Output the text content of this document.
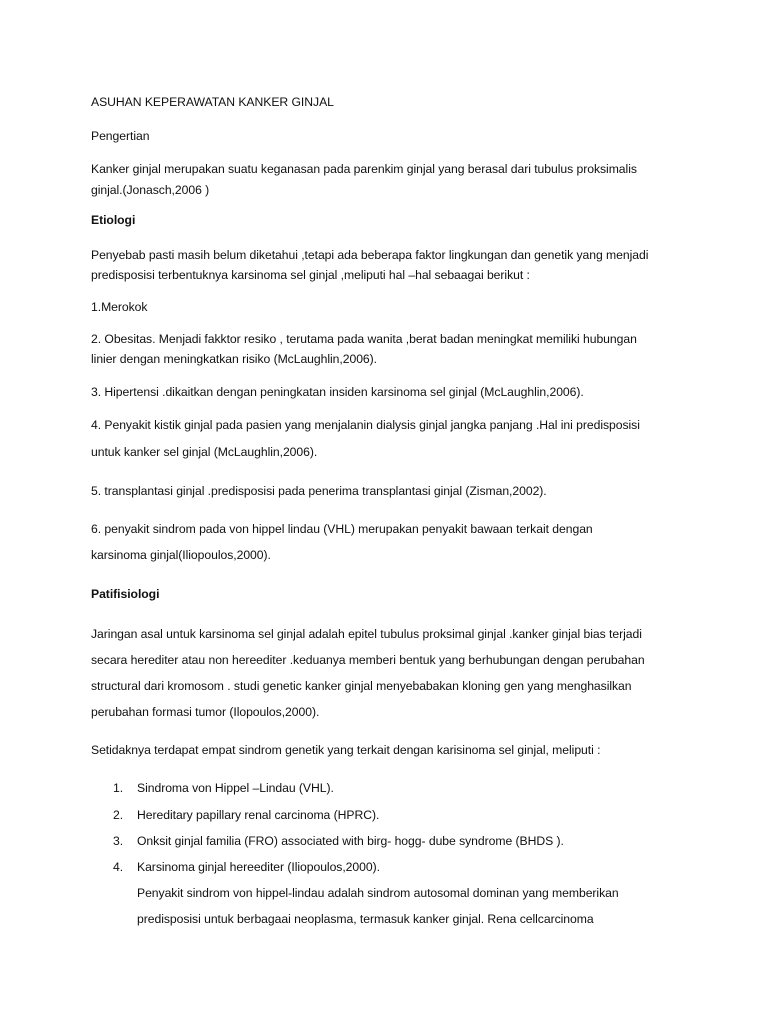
ASUHAN KEPERAWATAN KANKER GINJAL
Pengertian
Kanker ginjal merupakan suatu keganasan pada parenkim ginjal yang berasal dari tubulus proksimalis
ginjal.(Jonasch,2006 )
Etiologi
Penyebab pasti masih belum diketahui ,tetapi ada beberapa faktor lingkungan dan genetik yang menjadi
predisposisi terbentuknya karsinoma sel ginjal ,meliputi hal –hal sebaagai berikut :
1.Merokok
2. Obesitas. Menjadi fakktor resiko , terutama pada wanita ,berat badan meningkat memiliki hubungan
linier dengan meningkatkan risiko (McLaughlin,2006).
3. Hipertensi .dikaitkan dengan peningkatan insiden karsinoma sel ginjal (McLaughlin,2006).
4. Penyakit kistik ginjal pada pasien yang menjalanin dialysis ginjal jangka panjang .Hal ini predisposisi
untuk kanker sel ginjal (McLaughlin,2006).
5. transplantasi ginjal .predisposisi pada penerima transplantasi ginjal (Zisman,2002).
6. penyakit sindrom pada von hippel lindau (VHL) merupakan penyakit bawaan terkait dengan
karsinoma ginjal(Iliopoulos,2000).
Patifisiologi
Jaringan asal untuk karsinoma sel ginjal adalah epitel tubulus proksimal ginjal .kanker ginjal bias terjadi
secara herediter atau non hereediter .keduanya memberi bentuk yang berhubungan dengan perubahan
structural dari kromosom . studi genetic kanker ginjal menyebabakan kloning gen yang menghasilkan
perubahan formasi tumor (Ilopoulos,2000).
Setidaknya terdapat empat sindrom genetik yang terkait dengan karisinoma sel ginjal, meliputi :
1. Sindroma von Hippel –Lindau (VHL).
2. Hereditary papillary renal carcinoma (HPRC).
3. Onksit ginjal familia (FRO) associated with birg- hogg- dube syndrome (BHDS ).
4. Karsinoma ginjal hereediter (Iliopoulos,2000).
Penyakit sindrom von hippel-lindau adalah sindrom autosomal dominan yang memberikan
predisposisi untuk berbagaai neoplasma, termasuk kanker ginjal. Rena cellcarcinoma
